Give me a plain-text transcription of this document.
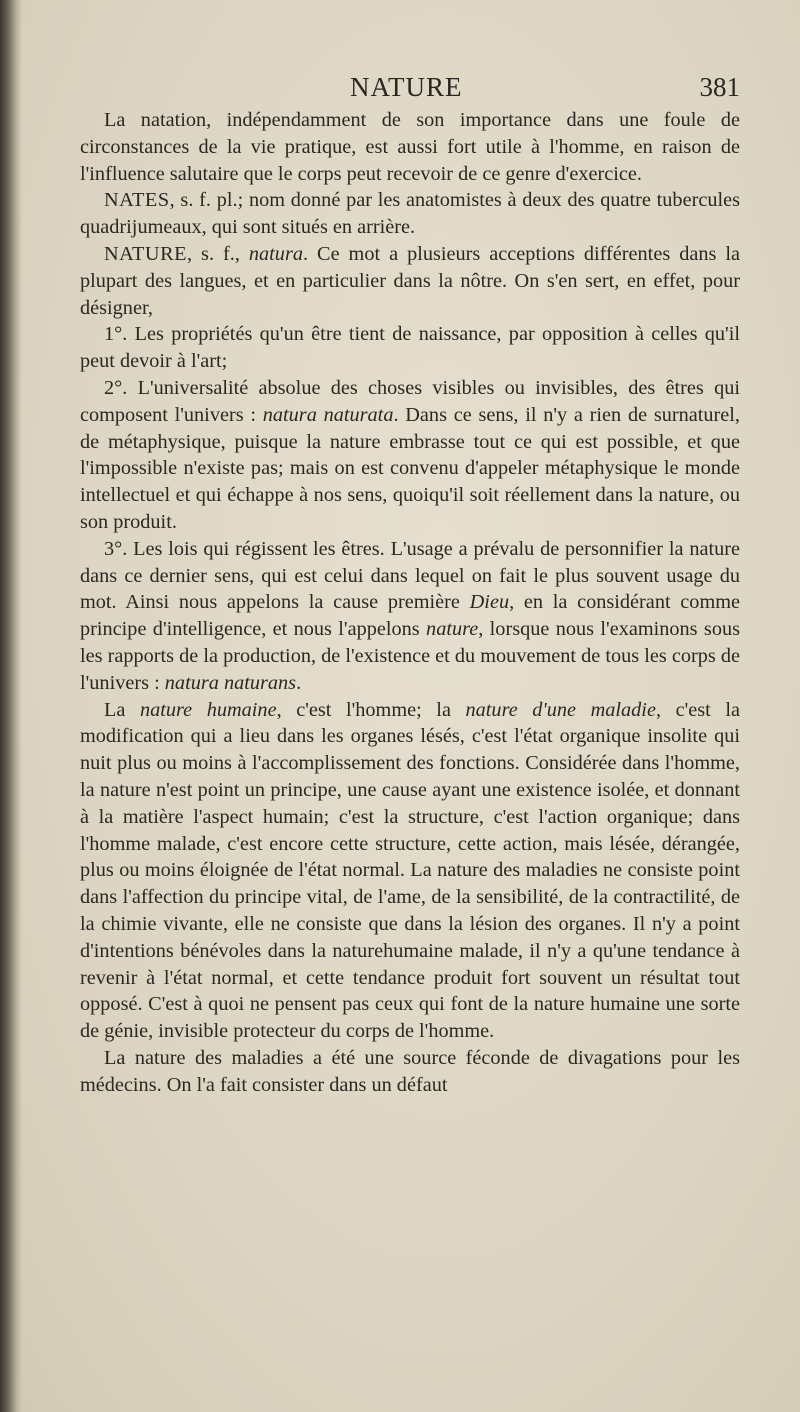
NATURE	381

La natation, indépendamment de son importance dans une foule de circonstances de la vie pratique, est aussi fort utile à l'homme, en raison de l'influence salutaire que le corps peut recevoir de ce genre d'exercice.

NATES, s. f. pl.; nom donné par les anatomistes à deux des quatre tubercules quadrijumeaux, qui sont situés en arrière.

NATURE, s. f., natura. Ce mot a plusieurs acceptions différentes dans la plupart des langues, et en particulier dans la nôtre. On s'en sert, en effet, pour désigner,

1°. Les propriétés qu'un être tient de naissance, par opposition à celles qu'il peut devoir à l'art;

2°. L'universalité absolue des choses visibles ou invisibles, des êtres qui composent l'univers : natura naturata. Dans ce sens, il n'y a rien de surnaturel, de métaphysique, puisque la nature embrasse tout ce qui est possible, et que l'impossible n'existe pas; mais on est convenu d'appeler métaphysique le monde intellectuel et qui échappe à nos sens, quoiqu'il soit réellement dans la nature, ou son produit.

3°. Les lois qui régissent les êtres. L'usage a prévalu de personnifier la nature dans ce dernier sens, qui est celui dans lequel on fait le plus souvent usage du mot. Ainsi nous appelons la cause première Dieu, en la considérant comme principe d'intelligence, et nous l'appelons nature, lorsque nous l'examinons sous les rapports de la production, de l'existence et du mouvement de tous les corps de l'univers : natura naturans.

La nature humaine, c'est l'homme; la nature d'une maladie, c'est la modification qui a lieu dans les organes lésés, c'est l'état organique insolite qui nuit plus ou moins à l'accomplissement des fonctions. Considérée dans l'homme, la nature n'est point un principe, une cause ayant une existence isolée, et donnant à la matière l'aspect humain; c'est la structure, c'est l'action organique; dans l'homme malade, c'est encore cette structure, cette action, mais lésée, dérangée, plus ou moins éloignée de l'état normal. La nature des maladies ne consiste point dans l'affection du principe vital, de l'ame, de la sensibilité, de la contractilité, de la chimie vivante, elle ne consiste que dans la lésion des organes. Il n'y a point d'intentions bénévoles dans la naturehumaine malade, il n'y a qu'une tendance à revenir à l'état normal, et cette tendance produit fort souvent un résultat tout opposé. C'est à quoi ne pensent pas ceux qui font de la nature humaine une sorte de génie, invisible protecteur du corps de l'homme.

La nature des maladies a été une source féconde de divagations pour les médecins. On l'a fait consister dans un défaut
